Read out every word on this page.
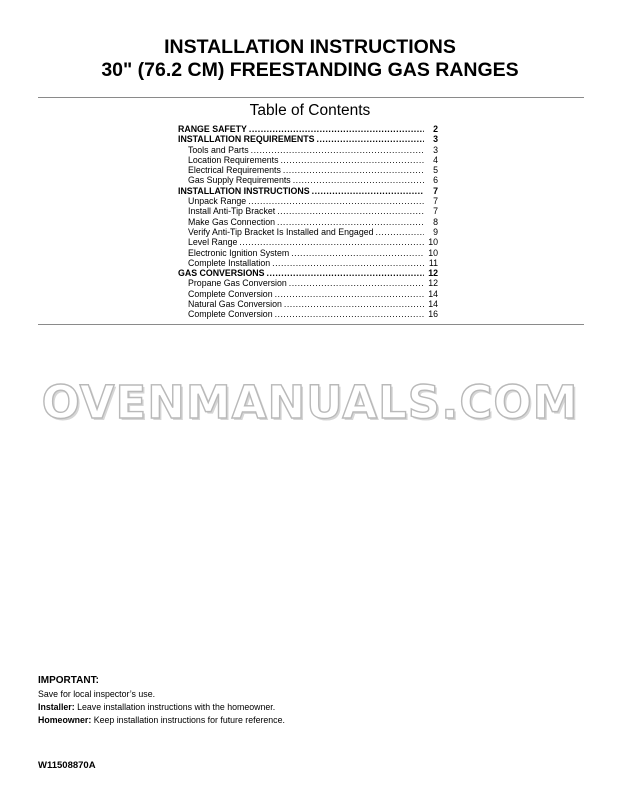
INSTALLATION INSTRUCTIONS
30" (76.2 CM) FREESTANDING GAS RANGES
Table of Contents
RANGE SAFETY .....	2
INSTALLATION REQUIREMENTS .....	3
Tools and Parts .....	3
Location Requirements .....	4
Electrical Requirements .....	5
Gas Supply Requirements .....	6
INSTALLATION INSTRUCTIONS .....	7
Unpack Range .....	7
Install Anti-Tip Bracket .....	7
Make Gas Connection .....	8
Verify Anti-Tip Bracket Is Installed and Engaged .....	9
Level Range .....	10
Electronic Ignition System .....	10
Complete Installation .....	11
GAS CONVERSIONS .....	12
Propane Gas Conversion .....	12
Complete Conversion .....	14
Natural Gas Conversion .....	14
Complete Conversion .....	16
OVENMANUALS.COM
IMPORTANT:
Save for local inspector’s use.
Installer: Leave installation instructions with the homeowner.
Homeowner: Keep installation instructions for future reference.
W11508870A
